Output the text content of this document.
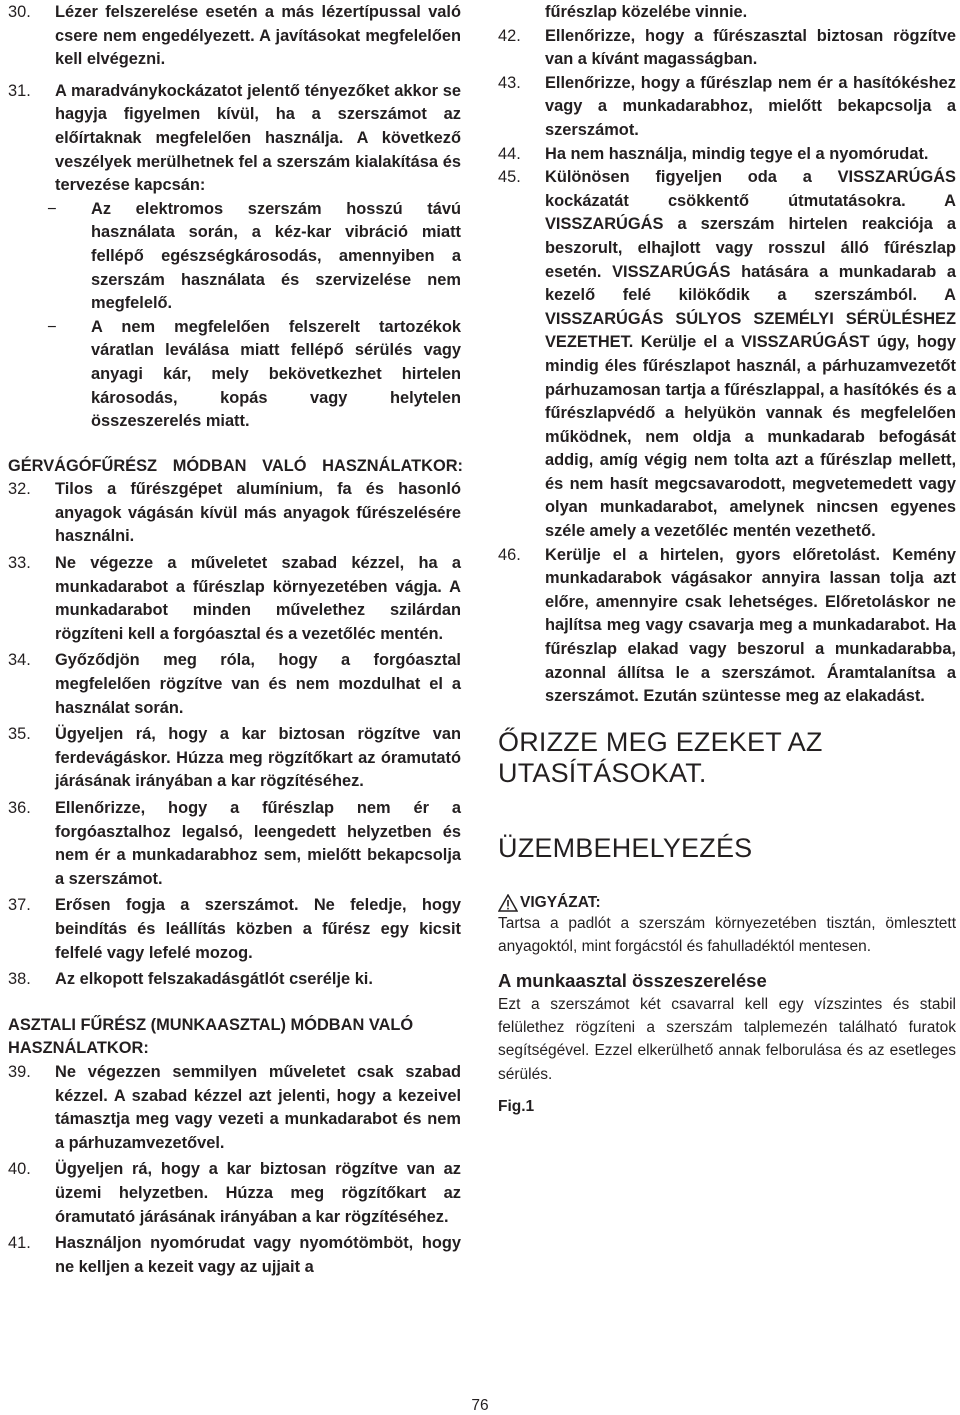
30.	Lézer felszerelése esetén a más lézertípussal való csere nem engedélyezett. A javításokat megfelelően kell elvégezni.
31.	A maradványkockázatot jelentő tényezőket akkor se hagyja figyelmen kívül, ha a szerszámot az előírtaknak megfelelően használja. A következő veszélyek merülhetnek fel a szerszám kialakítása és tervezése kapcsán:
−	Az elektromos szerszám hosszú távú használata során, a kéz-kar vibráció miatt fellépő egészségkárosodás, amennyiben a szerszám használata és szervizelése nem megfelelő.
−	A nem megfelelően felszerelt tartozékok váratlan leválása miatt fellépő sérülés vagy anyagi kár, mely bekövetkezhet hirtelen károsodás, kopás vagy helytelen összeszerelés miatt.
GÉRVÁGÓFŰRÉSZ MÓDBAN VALÓ HASZNÁLATKOR:
32.	Tilos a fűrészgépet alumínium, fa és hasonló anyagok vágásán kívül más anyagok fűrészelésére használni.
33.	Ne végezze a műveletet szabad kézzel, ha a munkadarabot a fűrészlap környezetében vágja. A munkadarabot minden művelethez szilárdan rögzíteni kell a forgóasztal és a vezetőléc mentén.
34.	Győződjön meg róla, hogy a forgóasztal megfelelően rögzítve van és nem mozdulhat el a használat során.
35.	Ügyeljen rá, hogy a kar biztosan rögzítve van ferdevágáskor. Húzza meg rögzítőkart az óramutató járásának irányában a kar rögzítéséhez.
36.	Ellenőrizze, hogy a fűrészlap nem ér a forgóasztalhoz legalsó, leengedett helyzetben és nem ér a munkadarabhoz sem, mielőtt bekapcsolja a szerszámot.
37.	Erősen fogja a szerszámot. Ne feledje, hogy beindítás és leállítás közben a fűrész egy kicsit felfelé vagy lefelé mozog.
38.	Az elkopott felszakadásgátlót cserélje ki.
ASZTALI FŰRÉSZ (MUNKAASZTAL) MÓDBAN VALÓ HASZNÁLATKOR:
39.	Ne végezzen semmilyen műveletet csak szabad kézzel. A szabad kézzel azt jelenti, hogy a kezeivel támasztja meg vagy vezeti a munkadarabot és nem a párhuzamvezetővel.
40.	Ügyeljen rá, hogy a kar biztosan rögzítve van az üzemi helyzetben. Húzza meg rögzítőkart az óramutató járásának irányában a kar rögzítéséhez.
41.	Használjon nyomórudat vagy nyomótömböt, hogy ne kelljen a kezeit vagy az ujjait a
fűrészlap közelébe vinnie.
42.	Ellenőrizze, hogy a fűrészasztal biztosan rögzítve van a kívánt magasságban.
43.	Ellenőrizze, hogy a fűrészlap nem ér a hasítókéshez vagy a munkadarabhoz, mielőtt bekapcsolja a szerszámot.
44.	Ha nem használja, mindig tegye el a nyomórudat.
45.	Különösen figyeljen oda a VISSZARÚGÁS kockázatát csökkentő útmutatásokra. A VISSZARÚGÁS a szerszám hirtelen reakciója a beszorult, elhajlott vagy rosszul álló fűrészlap esetén. VISSZARÚGÁS hatására a munkadarab a kezelő felé kilökődik a szerszámból. A VISSZARÚGÁS SÚLYOS SZEMÉLYI SÉRÜLÉSHEZ VEZETHET. Kerülje el a VISSZARÚGÁST úgy, hogy mindig éles fűrészlapot használ, a párhuzamvezetőt párhuzamosan tartja a fűrészlappal, a hasítókés és a fűrészlapvédő a helyükön vannak és megfelelően működnek, nem oldja a munkadarab befogását addig, amíg végig nem tolta azt a fűrészlap mellett, és nem hasít megcsavarodott, megvetemedett vagy olyan munkadarabot, amelynek nincsen egyenes széle amely a vezetőléc mentén vezethető.
46.	Kerülje el a hirtelen, gyors előretolást. Kemény munkadarabok vágásakor annyira lassan tolja azt előre, amennyire csak lehetséges. Előretoláskor ne hajlítsa meg vagy csavarja meg a munkadarabot. Ha fűrészlap elakad vagy beszorul a munkadarabba, azonnal állítsa le a szerszámot. Áramtalanítsa a szerszámot. Ezután szüntesse meg az elakadást.
ŐRIZZE MEG EZEKET AZ UTASÍTÁSOKAT.
ÜZEMBEHELYEZÉS
VIGYÁZAT:
Tartsa a padlót a szerszám környezetében tisztán, ömlesztett anyagoktól, mint forgácstól és fahulladéktól mentesen.
A munkaasztal összeszerelése
Ezt a szerszámot két csavarral kell egy vízszintes és stabil felülethez rögzíteni a szerszám talplemezén található furatok segítségével. Ezzel elkerülhető annak felborulása és az esetleges sérülés.
Fig.1
76
